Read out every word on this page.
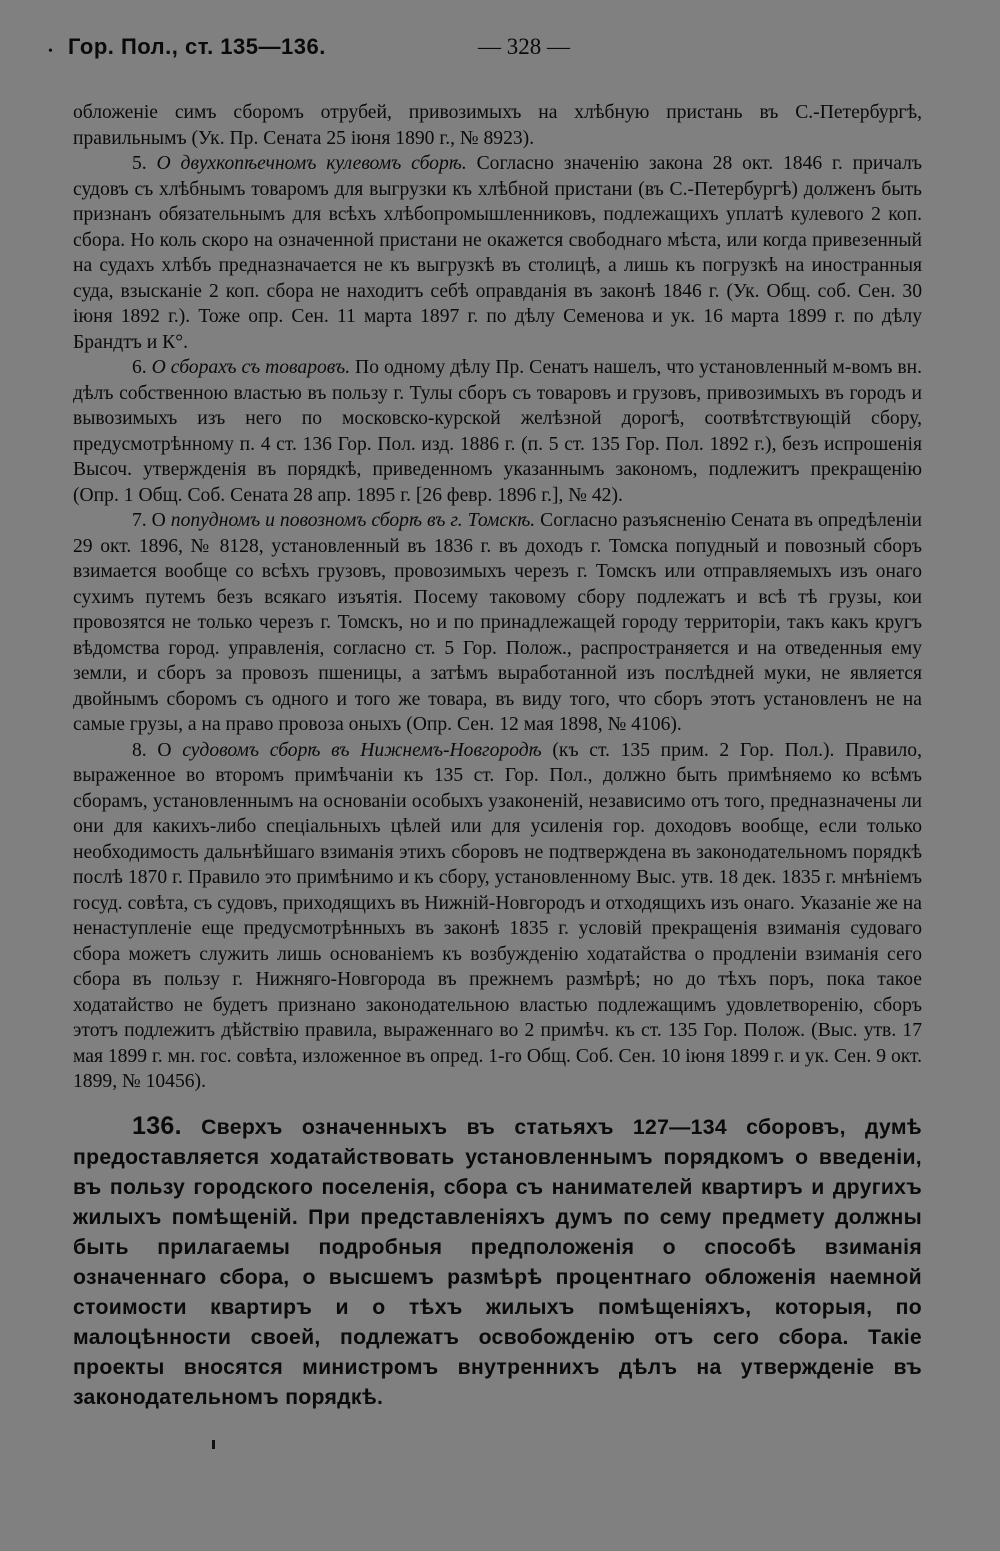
• Гор. Пол., ст. 135—136.	— 328 —

обложеніе симъ сборомъ отрубей, привозимыхъ на хлѣбную пристань въ С.-Петербургѣ, правильнымъ (Ук. Пр. Сената 25 іюня 1890 г., № 8923).

5. О двухкопѣечномъ кулевомъ сборѣ. Согласно значенію закона 28 окт. 1846 г. причалъ судовъ съ хлѣбнымъ товаромъ для выгрузки къ хлѣбной пристани (въ С.-Петербургѣ) долженъ быть признанъ обязательнымъ для всѣхъ хлѣбопромышленниковъ, подлежащихъ уплатѣ кулевого 2 коп. сбора. Но коль скоро на означенной пристани не окажется свободнаго мѣста, или когда привезенный на судахъ хлѣбъ предназначается не къ выгрузкѣ въ столицѣ, а лишь къ погрузкѣ на иностранныя суда, взысканіе 2 коп. сбора не находитъ себѣ оправданія въ законѣ 1846 г. (Ук. Общ. соб. Сен. 30 іюня 1892 г.). Тоже опр. Сен. 11 марта 1897 г. по дѣлу Семенова и ук. 16 марта 1899 г. по дѣлу Брандтъ и К°.

6. О сборахъ съ товаровъ. По одному дѣлу Пр. Сенатъ нашелъ, что установленный м-вомъ вн. дѣлъ собственною властью въ пользу г. Тулы сборъ съ товаровъ и грузовъ, привозимыхъ въ городъ и вывозимыхъ изъ него по московско-курской желѣзной дорогѣ, соотвѣтствующій сбору, предусмотрѣнному п. 4 ст. 136 Гор. Пол. изд. 1886 г. (п. 5 ст. 135 Гор. Пол. 1892 г.), безъ испрошенія Высоч. утвержденія въ порядкѣ, приведенномъ указаннымъ закономъ, подлежитъ прекращенію (Опр. 1 Общ. Соб. Сената 28 апр. 1895 г. [26 февр. 1896 г.], № 42).

7. О попудномъ и повозномъ сборѣ въ г. Томскѣ. Согласно разъясненію Сената въ опредѣленіи 29 окт. 1896, № 8128, установленный въ 1836 г. въ доходъ г. Томска попудный и повозный сборъ взимается вообще со всѣхъ грузовъ, провозимыхъ черезъ г. Томскъ или отправляемыхъ изъ онаго сухимъ путемъ безъ всякаго изъятія. Посему таковому сбору подлежатъ и всѣ тѣ грузы, кои провозятся не только черезъ г. Томскъ, но и по принадлежащей городу территоріи, такъ какъ кругъ вѣдомства город. управленія, согласно ст. 5 Гор. Полож., распространяется и на отведенныя ему земли, и сборъ за провозъ пшеницы, а затѣмъ выработанной изъ послѣдней муки, не является двойнымъ сборомъ съ одного и того же товара, въ виду того, что сборъ этотъ установленъ не на самые грузы, а на право провоза оныхъ (Опр. Сен. 12 мая 1898, № 4106).

8. О судовомъ сборѣ въ Нижнемъ-Новгородѣ (къ ст. 135 прим. 2 Гор. Пол.). Правило, выраженное во второмъ примѣчаніи къ 135 ст. Гор. Пол., должно быть примѣняемо ко всѣмъ сборамъ, установленнымъ на основаніи особыхъ узаконеній, независимо отъ того, предназначены ли они для какихъ-либо спеціальныхъ цѣлей или для усиленія гор. доходовъ вообще, если только необходимость дальнѣйшаго взиманія этихъ сборовъ не подтверждена въ законодательномъ порядкѣ послѣ 1870 г. Правило это примѣнимо и къ сбору, установленному Выс. утв. 18 дек. 1835 г. мнѣніемъ госуд. совѣта, съ судовъ, приходящихъ въ Нижній-Новгородъ и отходящихъ изъ онаго. Указаніе же на ненаступленіе еще предусмотрѣнныхъ въ законѣ 1835 г. условій прекращенія взиманія судоваго сбора можетъ служить лишь основаніемъ къ возбужденію ходатайства о продленіи взиманія сего сбора въ пользу г. Нижняго-Новгорода въ прежнемъ размѣрѣ; но до тѣхъ поръ, пока такое ходатайство не будетъ признано законодательною властью подлежащимъ удовлетворенію, сборъ этотъ подлежитъ дѣйствію правила, выраженнаго во 2 примѣч. къ ст. 135 Гор. Полож. (Выс. утв. 17 мая 1899 г. мн. гос. совѣта, изложенное въ опред. 1-го Общ. Соб. Сен. 10 іюня 1899 г. и ук. Сен. 9 окт. 1899, № 10456).

136. Сверхъ означенныхъ въ статьяхъ 127—134 сборовъ, думѣ предоставляется ходатайствовать установленнымъ порядкомъ о введеніи, въ пользу городского поселенія, сбора съ нанимателей квартиръ и другихъ жилыхъ помѣщеній. При представленіяхъ думъ по сему предмету должны быть прилагаемы подробныя предположенія о способѣ взиманія означеннаго сбора, о высшемъ размѣрѣ процентнаго обложенія наемной стоимости квартиръ и о тѣхъ жилыхъ помѣщеніяхъ, которыя, по малоцѣнности своей, подлежатъ освобожденію отъ сего сбора. Такіе проекты вносятся министромъ внутреннихъ дѣлъ на утвержденіе въ законодательномъ порядкѣ.
